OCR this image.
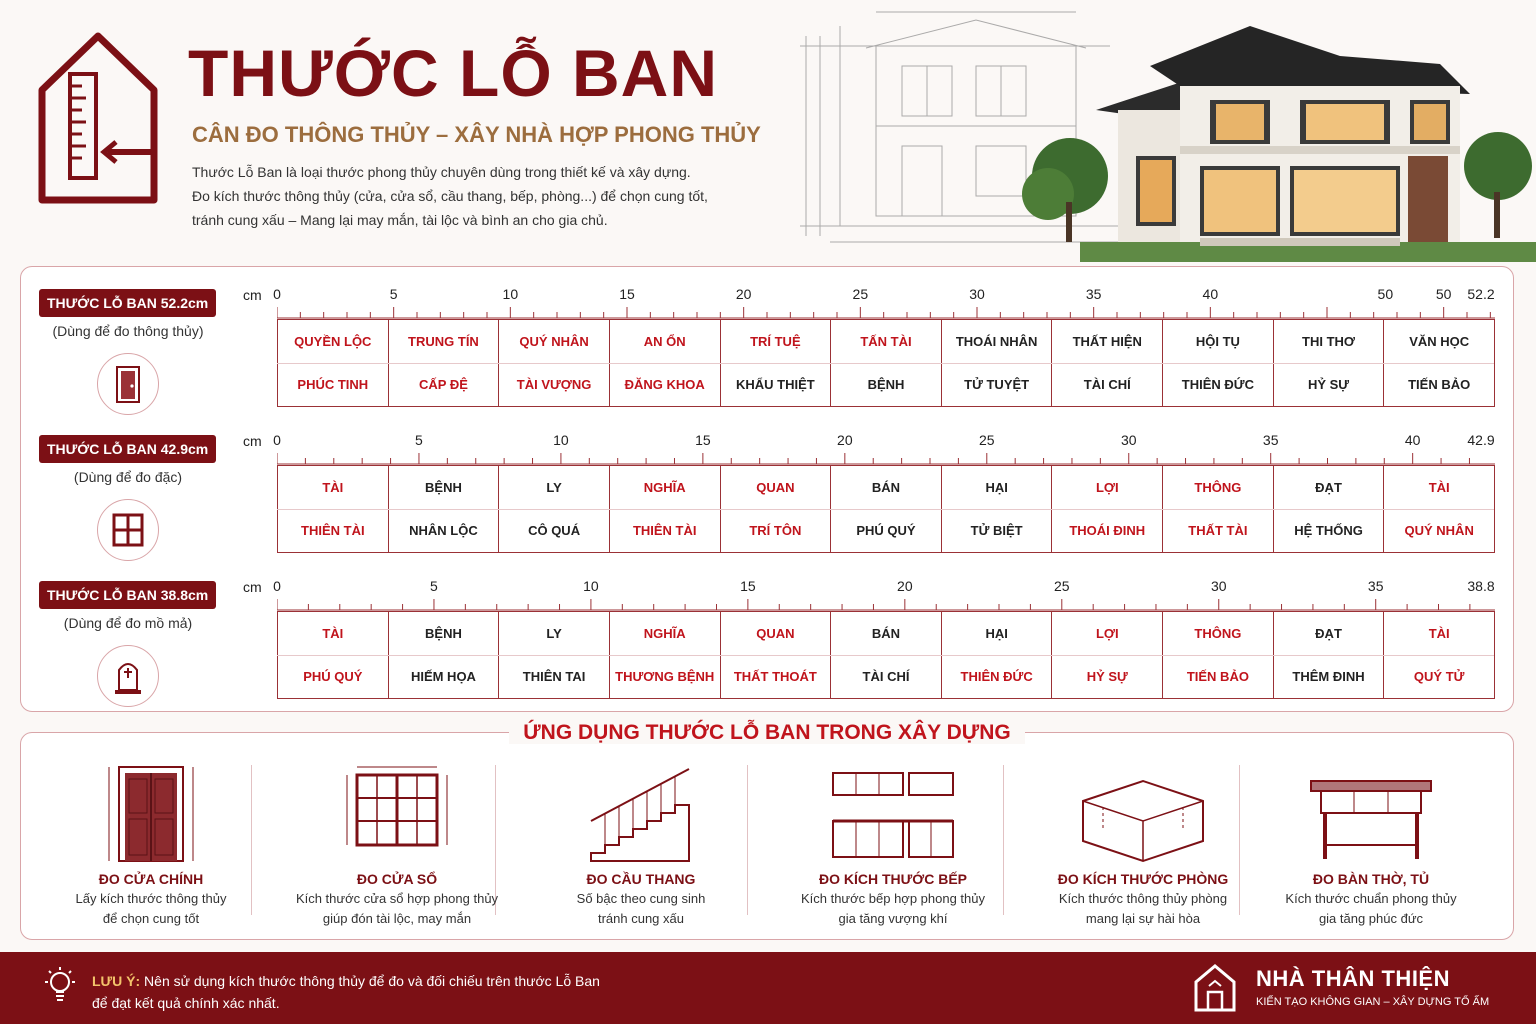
THƯỚC LỖ BAN
CÂN ĐO THÔNG THỦY – XÂY NHÀ HỢP PHONG THỦY

Thước Lỗ Ban là loại thước phong thủy chuyên dùng trong thiết kế và xây dựng.

Đo kích thước thông thủy (cửa, cửa sổ, cầu thang, bếp, phòng...) để chọn cung tốt,

tránh cung xấu – Mang lại may mắn, tài lộc và bình an cho gia chủ.

THƯỚC LỖ BAN 52.2cm
(Dùng để đo thông thủy)
cm 0	5	10	15	20	25	30	35	40	50
50	52.2
QUYỀN LỘC	TRUNG TÍN	QUÝ NHÂN	AN ỔN	TRÍ TUỆ	TẤN TÀI	THOÁI NHÂN	THẤT HIỆN	HỘI TỤ	THI THƠ	VĂN HỌC
PHÚC TINH	CẤP ĐỆ	TÀI VƯỢNG	ĐĂNG KHOA	KHẨU THIỆT	BỆNH	TỬ TUYỆT	TÀI CHÍ	THIÊN ĐỨC	HỶ SỰ	TIẾN BẢO
THƯỚC LỖ BAN 42.9cm
(Dùng để đo đặc)
cm 0	5	10	15	20	25	30	35	40	42.9
TÀI	BỆNH	LY	NGHĨA	QUAN	BÁN	HẠI	LỢI	THÔNG	ĐẠT	TÀI
THIÊN TÀI	NHÂN LỘC	CÔ QUÁ	THIÊN TÀI	TRÍ TÔN	PHÚ QUÝ	TỬ BIỆT	THOÁI ĐINH	THẤT TÀI	HỆ THỐNG	QUÝ NHÂN
THƯỚC LỖ BAN 38.8cm
(Dùng để đo mồ mả)
cm 0	5	10	15	20	25	30	35	38.8
TÀI	BỆNH	LY	NGHĨA	QUAN	BÁN	HẠI	LỢI	THÔNG	ĐẠT	TÀI
PHÚ QUÝ	HIẾM HỌA	THIÊN TAI	THƯƠNG BỆNH	THẤT THOÁT	TÀI CHÍ	THIÊN ĐỨC	HỶ SỰ	TIẾN BẢO	THÊM ĐINH	QUÝ TỬ
ỨNG DỤNG THƯỚC LỖ BAN TRONG XÂY DỰNG
ĐO CỬA CHÍNH
Lấy kích thước thông thủy
để chọn cung tốt
ĐO CỬA SỔ
Kích thước cửa sổ hợp phong thủy
giúp đón tài lộc, may mắn
ĐO CẦU THANG
Số bậc theo cung sinh
tránh cung xấu
ĐO KÍCH THƯỚC BẾP
Kích thước bếp hợp phong thủy
gia tăng vượng khí
ĐO KÍCH THƯỚC PHÒNG
Kích thước thông thủy phòng
mang lại sự hài hòa
ĐO BÀN THỜ, TỦ
Kích thước chuẩn phong thủy
gia tăng phúc đức
LƯU Ý: Nên sử dụng kích thước thông thủy để đo và đối chiếu trên thước Lỗ Ban
để đạt kết quả chính xác nhất.
NHÀ THÂN THIỆN
KIẾN TẠO KHÔNG GIAN – XÂY DỰNG TỔ ẤM
